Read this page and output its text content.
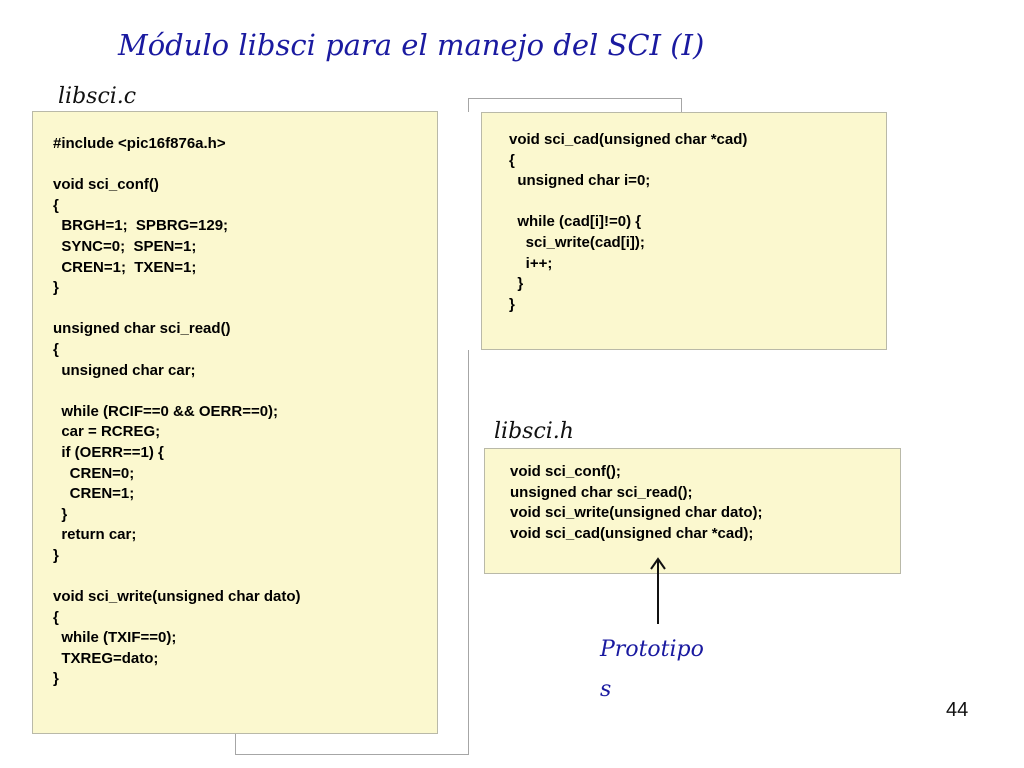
Módulo libsci para el manejo del SCI (I)
libsci.c
#include <pic16f876a.h>

void sci_conf()
{
BRGH=1;  SPBRG=129;
SYNC=0;  SPEN=1;
CREN=1;  TXEN=1;
}

unsigned char sci_read()
{
unsigned char car;

while (RCIF==0 && OERR==0);
car = RCREG;
if (OERR==1) {
CREN=0;
CREN=1;
}
return car;
}

void sci_write(unsigned char dato)
{
while (TXIF==0);
TXREG=dato;
}
void sci_cad(unsigned char *cad)
{
unsigned char i=0;

while (cad[i]!=0) {
sci_write(cad[i]);
i++;
}
}
libsci.h
void sci_conf();
unsigned char sci_read();
void sci_write(unsigned char dato);
void sci_cad(unsigned char *cad);
Prototipos
44
